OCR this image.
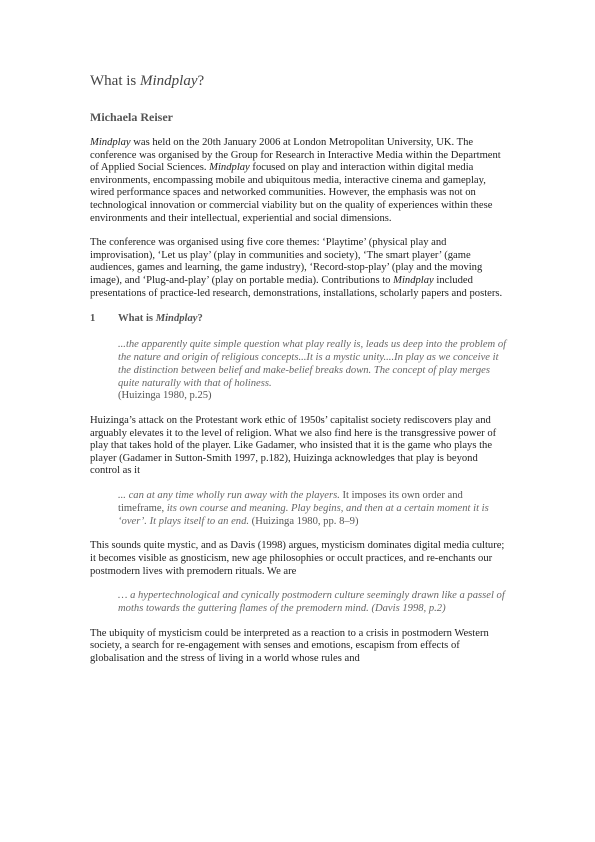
What is Mindplay?
Michaela Reiser

Mindplay was held on the 20th January 2006 at London Metropolitan University, UK. The conference was organised by the Group for Research in Interactive Media within the Department of Applied Social Sciences. Mindplay focused on play and interaction within digital media environments, encompassing mobile and ubiquitous media, interactive cinema and gameplay, wired performance spaces and networked communities. However, the emphasis was not on technological innovation or commercial viability but on the quality of experiences within these environments and their intellectual, experiential and social dimensions.

The conference was organised using five core themes: ‘Playtime’ (physical play and improvisation), ‘Let us play’ (play in communities and society), ‘The smart player’ (game audiences, games and learning, the game industry), ‘Record-stop-play’ (play and the moving image), and ‘Plug-and-play’ (play on portable media). Contributions to Mindplay included presentations of practice-led research, demonstrations, installations, scholarly papers and posters.

1 What is Mindplay?
...the apparently quite simple question what play really is, leads us deep into the problem of the nature and origin of religious concepts...It is a mystic unity....In play as we conceive it the distinction between belief and make-belief breaks down. The concept of play merges quite naturally with that of holiness.
(Huizinga 1980, p.25)

Huizinga’s attack on the Protestant work ethic of 1950s’ capitalist society rediscovers play and arguably elevates it to the level of religion. What we also find here is the transgressive power of play that takes hold of the player. Like Gadamer, who insisted that it is the game who plays the player (Gadamer in Sutton-Smith 1997, p.182), Huizinga acknowledges that play is beyond control as it

... can at any time wholly run away with the players. It imposes its own order and timeframe, its own course and meaning. Play begins, and then at a certain moment it is ‘over’. It plays itself to an end. (Huizinga 1980, pp. 8–9)

This sounds quite mystic, and as Davis (1998) argues, mysticism dominates digital media culture; it becomes visible as gnosticism, new age philosophies or occult practices, and re-enchants our postmodern lives with premodern rituals. We are

… a hypertechnological and cynically postmodern culture seemingly drawn like a passel of moths towards the guttering flames of the premodern mind. (Davis 1998, p.2)

The ubiquity of mysticism could be interpreted as a reaction to a crisis in postmodern Western society, a search for re-engagement with senses and emotions, escapism from effects of globalisation and the stress of living in a world whose rules and
